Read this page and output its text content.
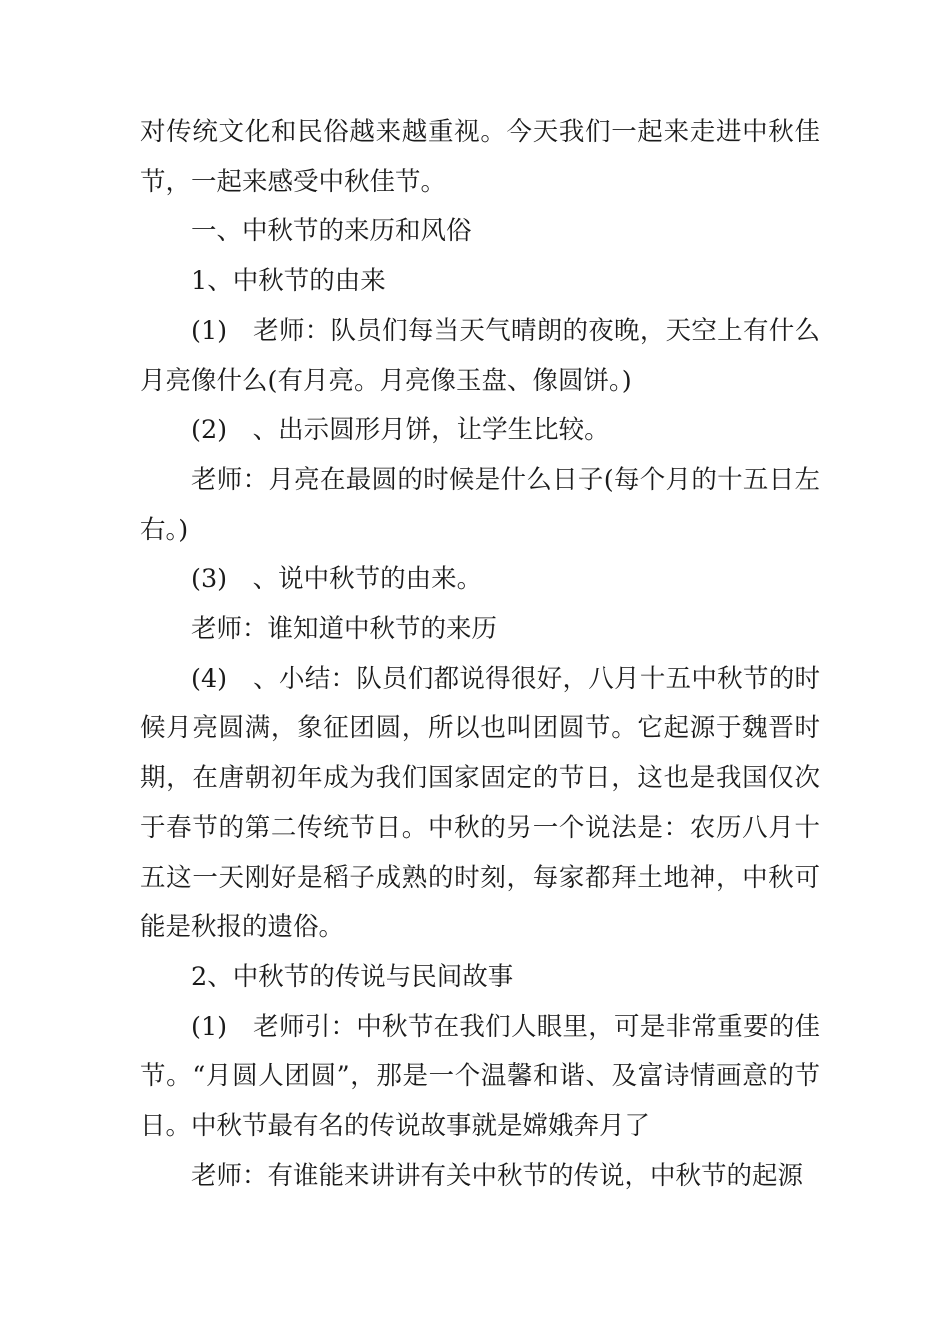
对传统文化和民俗越来越重视。今天我们一起来走进中秋佳节，一起来感受中秋佳节。

一、中秋节的来历和风俗

1、中秋节的由来

(1)　老师：队员们每当天气晴朗的夜晚，天空上有什么月亮像什么(有月亮。月亮像玉盘、像圆饼。)

(2)　、出示圆形月饼，让学生比较。

老师：月亮在最圆的时候是什么日子(每个月的十五日左右。)

(3)　、说中秋节的由来。

老师：谁知道中秋节的来历

(4)　、小结：队员们都说得很好，八月十五中秋节的时候月亮圆满，象征团圆，所以也叫团圆节。它起源于魏晋时期，在唐朝初年成为我们国家固定的节日，这也是我国仅次于春节的第二传统节日。中秋的另一个说法是：农历八月十五这一天刚好是稻子成熟的时刻，每家都拜土地神，中秋可能是秋报的遗俗。

2、中秋节的传说与民间故事

(1)　老师引：中秋节在我们人眼里，可是非常重要的佳节。“月圆人团圆”，那是一个温馨和谐、及富诗情画意的节日。中秋节最有名的传说故事就是嫦娥奔月了

老师：有谁能来讲讲有关中秋节的传说，中秋节的起源
